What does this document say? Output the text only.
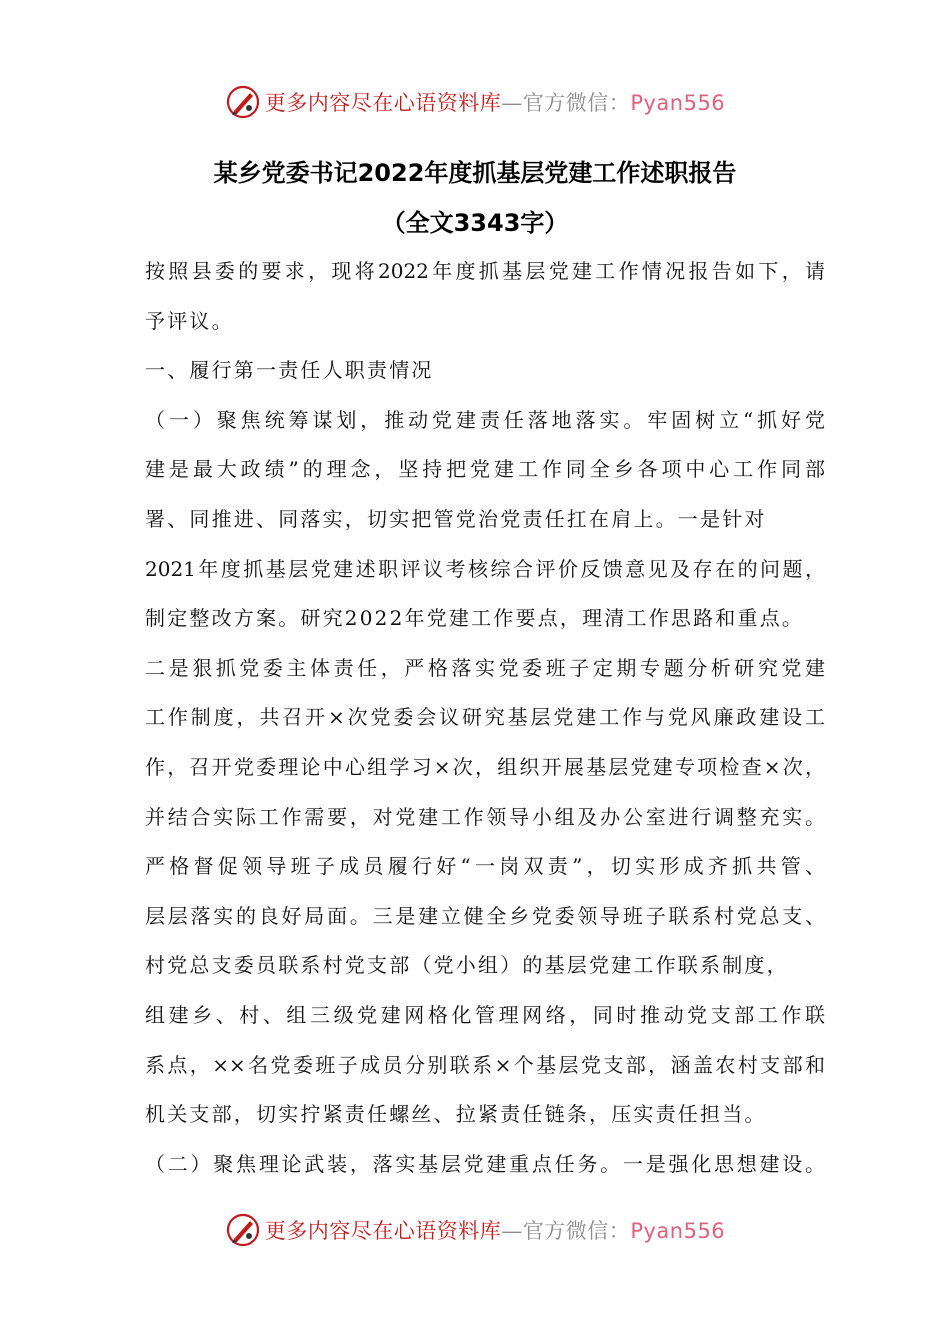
更多内容尽在心语资料库—官方微信：Pyan556
某乡党委书记2022年度抓基层党建工作述职报告
（全文3343字）
按照县委的要求，现将2022年度抓基层党建工作情况报告如下，请
予评议。
一、履行第一责任人职责情况
（一）聚焦统筹谋划，推动党建责任落地落实。牢固树立“抓好党
建是最大政绩”的理念，坚持把党建工作同全乡各项中心工作同部
署、同推进、同落实，切实把管党治党责任扛在肩上。一是针对
2021年度抓基层党建述职评议考核综合评价反馈意见及存在的问题，
制定整改方案。研究2022年党建工作要点，理清工作思路和重点。
二是狠抓党委主体责任，严格落实党委班子定期专题分析研究党建
工作制度，共召开×次党委会议研究基层党建工作与党风廉政建设工
作，召开党委理论中心组学习×次，组织开展基层党建专项检查×次，
并结合实际工作需要，对党建工作领导小组及办公室进行调整充实。
严格督促领导班子成员履行好“一岗双责”，切实形成齐抓共管、
层层落实的良好局面。三是建立健全乡党委领导班子联系村党总支、
村党总支委员联系村党支部（党小组）的基层党建工作联系制度，
组建乡、村、组三级党建网格化管理网络，同时推动党支部工作联
系点，××名党委班子成员分别联系×个基层党支部，涵盖农村支部和
机关支部，切实拧紧责任螺丝、拉紧责任链条，压实责任担当。
（二）聚焦理论武装，落实基层党建重点任务。一是强化思想建设。
更多内容尽在心语资料库—官方微信：Pyan556
